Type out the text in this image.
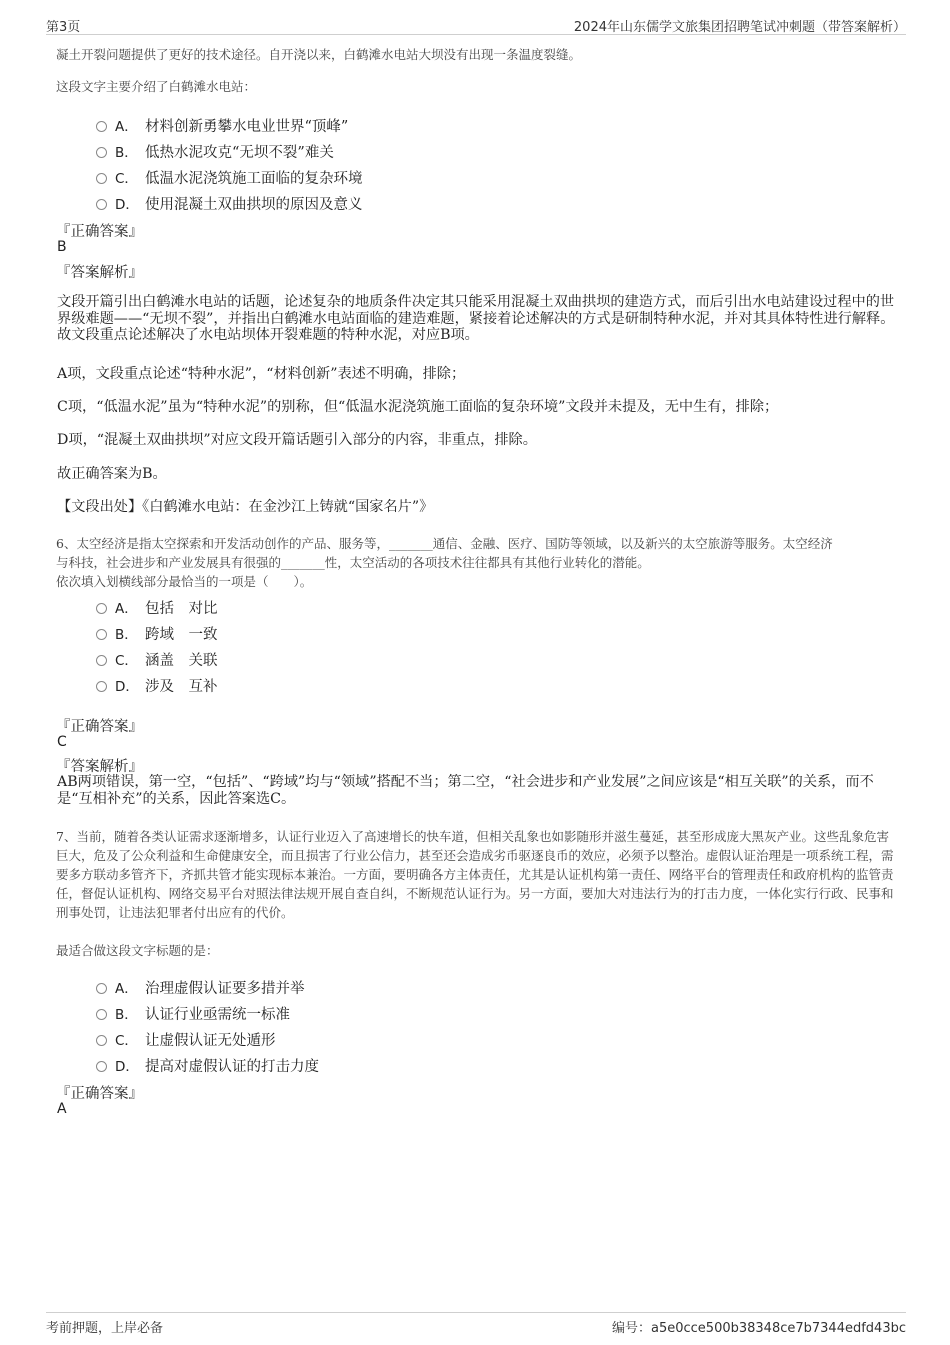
第3页	2024年山东儒学文旅集团招聘笔试冲刺题（带答案解析）
凝土开裂问题提供了更好的技术途径。自开浇以来，白鹤滩水电站大坝没有出现一条温度裂缝。
这段文字主要介绍了白鹤滩水电站：
A． 材料创新勇攀水电业世界“顶峰”
B． 低热水泥攻克“无坝不裂”难关
C． 低温水泥浇筑施工面临的复杂环境
D． 使用混凝土双曲拱坝的原因及意义
『正确答案』
B
『答案解析』
文段开篇引出白鹤滩水电站的话题，论述复杂的地质条件决定其只能采用混凝土双曲拱坝的建造方式，而后引出水电站建设过程中的世界级难题——“无坝不裂”，并指出白鹤滩水电站面临的建造难题，紧接着论述解决的方式是研制特种水泥，并对其具体特性进行解释。故文段重点论述解决了水电站坝体开裂难题的特种水泥，对应B项。
A项，文段重点论述“特种水泥”，“材料创新”表述不明确，排除；
C项，“低温水泥”虽为“特种水泥”的别称，但“低温水泥浇筑施工面临的复杂环境”文段并未提及，无中生有，排除；
D项，“混凝土双曲拱坝”对应文段开篇话题引入部分的内容，非重点，排除。
故正确答案为B。
【文段出处】《白鹤滩水电站：在金沙江上铸就“国家名片”》
6、太空经济是指太空探索和开发活动创作的产品、服务等，_______通信、金融、医疗、国防等领域，以及新兴的太空旅游等服务。太空经济
与科技，社会进步和产业发展具有很强的_______性，太空活动的各项技术往往都具有其他行业转化的潜能。
依次填入划横线部分最恰当的一项是（　　）。
A． 包括　对比
B． 跨域　一致
C． 涵盖　关联
D． 涉及　互补
『正确答案』
C
『答案解析』
AB两项错误，第一空，“包括”、“跨域”均与“领域”搭配不当；第二空，“社会进步和产业发展”之间应该是“相互关联”的关系，而不是“互相补充”的关系，因此答案选C。
7、当前，随着各类认证需求逐渐增多，认证行业迈入了高速增长的快车道，但相关乱象也如影随形并滋生蔓延，甚至形成庞大黑灰产业。这些乱象危害巨大，危及了公众利益和生命健康安全，而且损害了行业公信力，甚至还会造成劣币驱逐良币的效应，必须予以整治。虚假认证治理是一项系统工程，需要多方联动多管齐下，齐抓共管才能实现标本兼治。一方面，要明确各方主体责任，尤其是认证机构第一责任、网络平台的管理责任和政府机构的监管责任，督促认证机构、网络交易平台对照法律法规开展自查自纠，不断规范认证行为。另一方面，要加大对违法行为的打击力度，一体化实行行政、民事和刑事处罚，让违法犯罪者付出应有的代价。
最适合做这段文字标题的是：
A． 治理虚假认证要多措并举
B． 认证行业亟需统一标准
C． 让虚假认证无处遁形
D． 提高对虚假认证的打击力度
『正确答案』
A
考前押题，上岸必备	编号：a5e0cce500b38348ce7b7344edfd43bc
